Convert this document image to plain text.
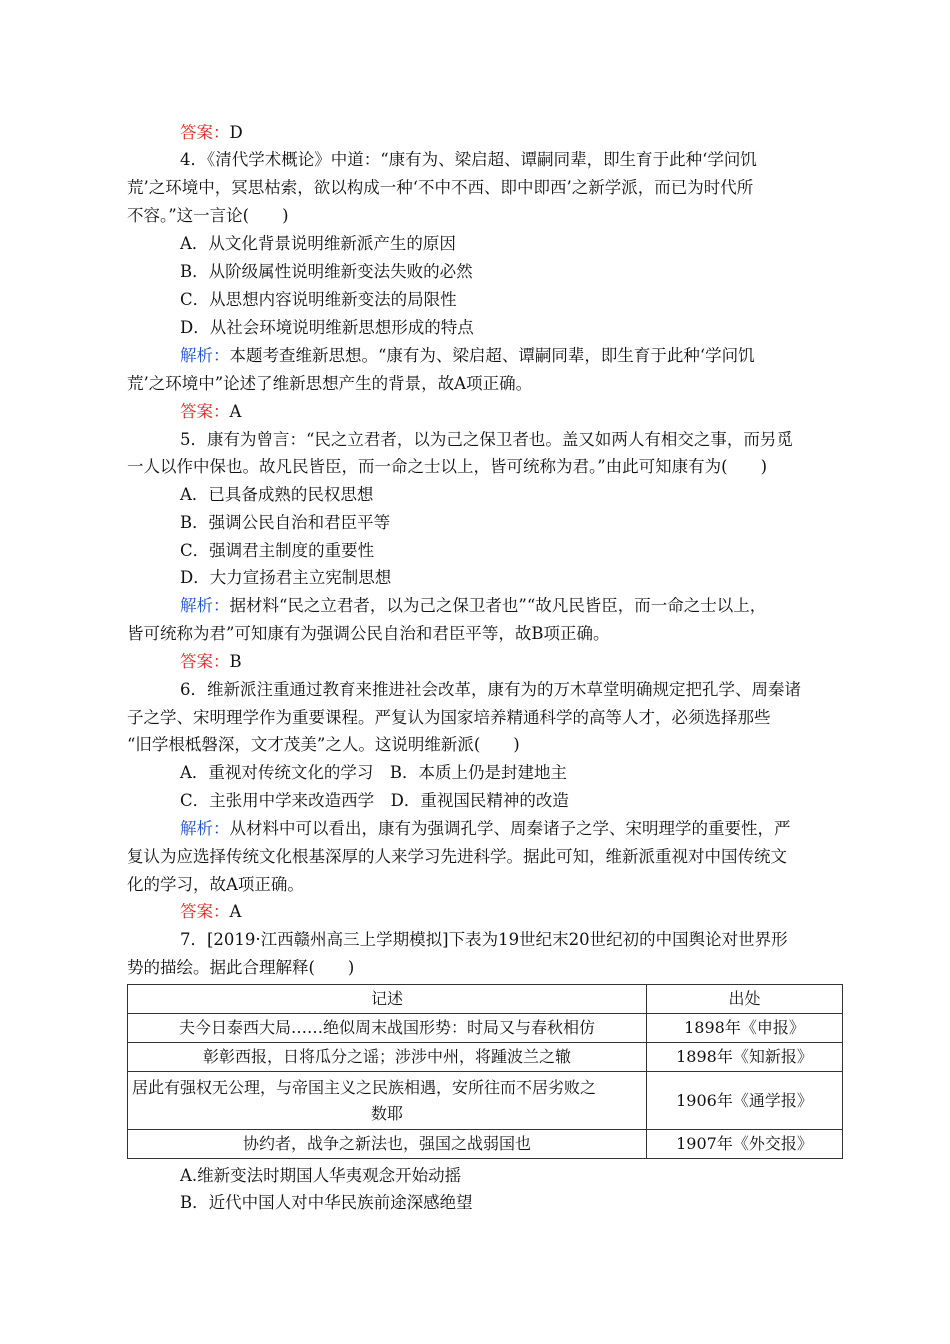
答案：D
4．《清代学术概论》中道：“康有为、梁启超、谭嗣同辈，即生育于此种‘学问饥
荒’之环境中，冥思枯索，欲以构成一种‘不中不西、即中即西’之新学派，而已为时代所
不容。”这一言论(　　)
A．从文化背景说明维新派产生的原因
B．从阶级属性说明维新变法失败的必然
C．从思想内容说明维新变法的局限性
D．从社会环境说明维新思想形成的特点
解析：本题考查维新思想。“康有为、梁启超、谭嗣同辈，即生育于此种‘学问饥
荒’之环境中”论述了维新思想产生的背景，故A项正确。
答案：A
5．康有为曾言：“民之立君者，以为己之保卫者也。盖又如两人有相交之事，而另觅
一人以作中保也。故凡民皆臣，而一命之士以上，皆可统称为君。”由此可知康有为(　　)
A．已具备成熟的民权思想
B．强调公民自治和君臣平等
C．强调君主制度的重要性
D．大力宣扬君主立宪制思想
解析：据材料“民之立君者，以为己之保卫者也”“故凡民皆臣，而一命之士以上，
皆可统称为君”可知康有为强调公民自治和君臣平等，故B项正确。
答案：B
6．维新派注重通过教育来推进社会改革，康有为的万木草堂明确规定把孔学、周秦诸
子之学、宋明理学作为重要课程。严复认为国家培养精通科学的高等人才，必须选择那些
“旧学根柢磐深，文才茂美”之人。这说明维新派(　　)
A．重视对传统文化的学习　B．本质上仍是封建地主
C．主张用中学来改造西学　D．重视国民精神的改造
解析：从材料中可以看出，康有为强调孔学、周秦诸子之学、宋明理学的重要性，严
复认为应选择传统文化根基深厚的人来学习先进科学。据此可知，维新派重视对中国传统文
化的学习，故A项正确。
答案：A
7．[2019·江西赣州高三上学期模拟]下表为19世纪末20世纪初的中国舆论对世界形
势的描绘。据此合理解释(　　)
记述	出处
夫今日泰西大局……绝似周末战国形势：时局又与春秋相仿	1898年《申报》
彰彰西报，日将瓜分之谣；涉涉中州，将踵波兰之辙	1898年《知新报》

居此有强权无公理，与帝国主义之民族相遇，安所往而不居劣败之
数耶	1906年《通学报》
协约者，战争之新法也，强国之战弱国也	1907年《外交报》
A.维新变法时期国人华夷观念开始动摇
B．近代中国人对中华民族前途深感绝望
